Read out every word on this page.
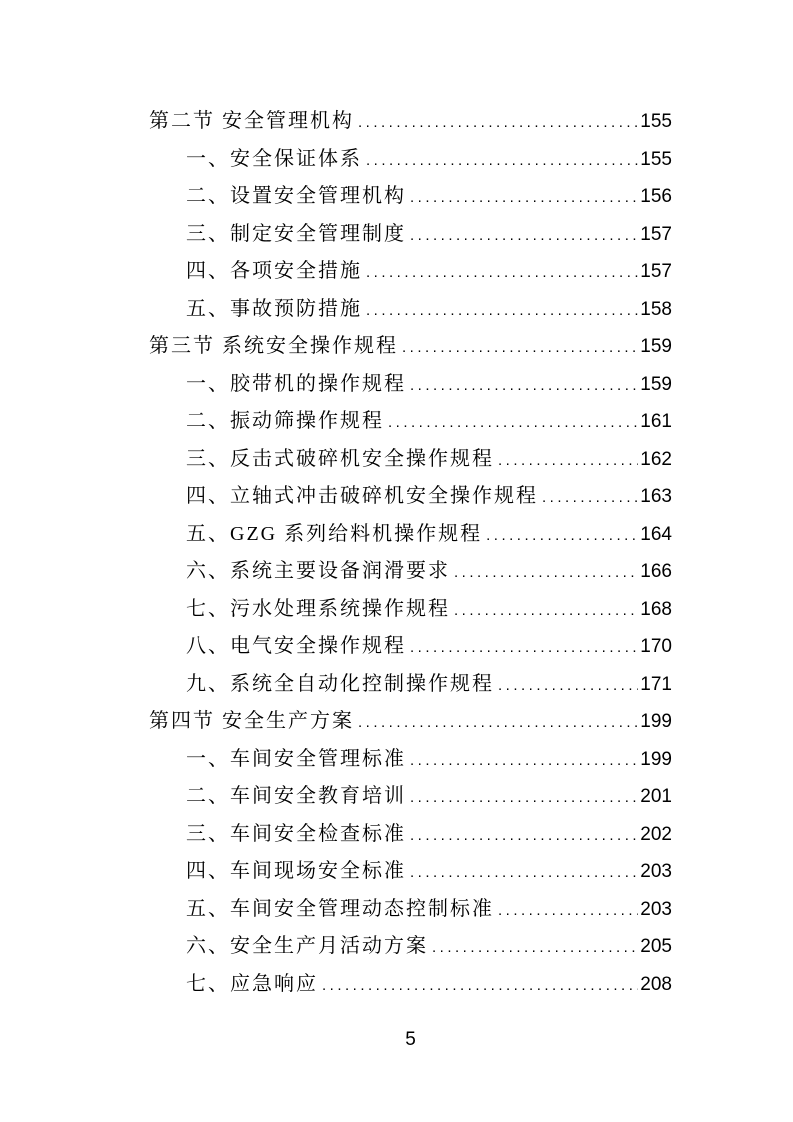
第二节 安全管理机构 .....	155
一、安全保证体系 .....	155
二、设置安全管理机构 .....	156
三、制定安全管理制度 .....	157
四、各项安全措施 .....	157
五、事故预防措施 .....	158
第三节 系统安全操作规程 .....	159
一、胶带机的操作规程 .....	159
二、振动筛操作规程 .....	161
三、反击式破碎机安全操作规程 .....	162
四、立轴式冲击破碎机安全操作规程 .....	163
五、GZG 系列给料机操作规程 .....	164
六、系统主要设备润滑要求 .....	166
七、污水处理系统操作规程 .....	168
八、电气安全操作规程 .....	170
九、系统全自动化控制操作规程 .....	171
第四节 安全生产方案 .....	199
一、车间安全管理标准 .....	199
二、车间安全教育培训 .....	201
三、车间安全检查标准 .....	202
四、车间现场安全标准 .....	203
五、车间安全管理动态控制标准 .....	203
六、安全生产月活动方案 .....	205
七、应急响应 .....	208
5
